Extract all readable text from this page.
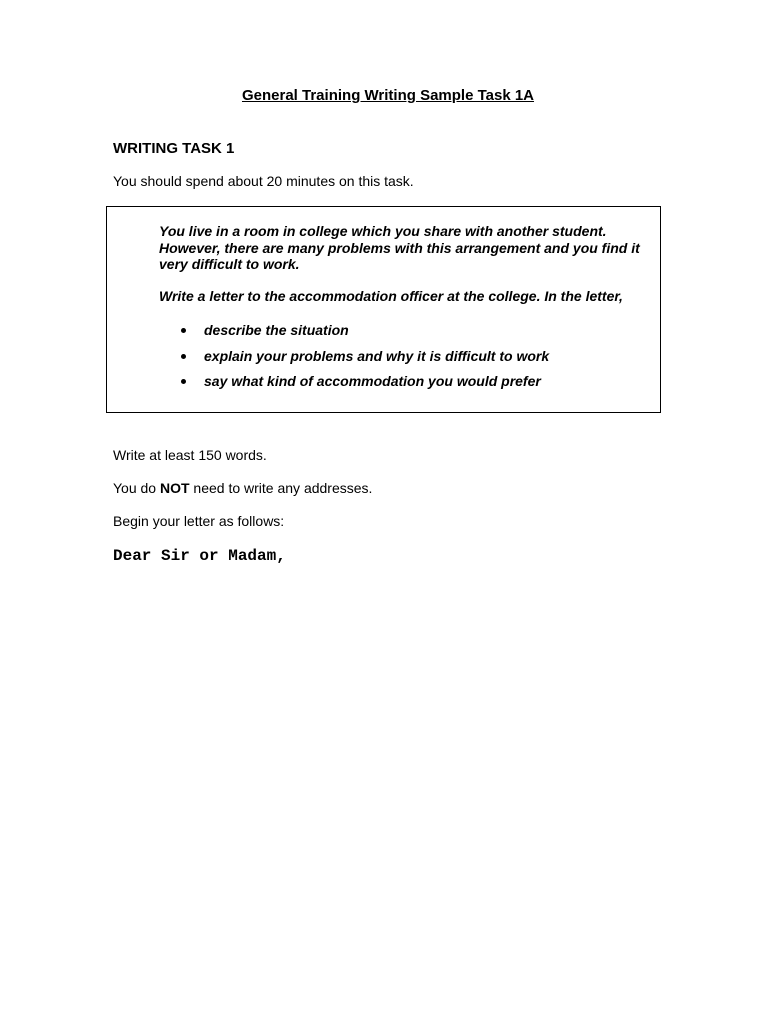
General Training Writing Sample Task 1A
WRITING TASK 1
You should spend about 20 minutes on this task.
You live in a room in college which you share with another student. However, there are many problems with this arrangement and you find it very difficult to work.
Write a letter to the accommodation officer at the college. In the letter,
describe the situation
explain your problems and why it is difficult to work
say what kind of accommodation you would prefer
Write at least 150 words.
You do NOT need to write any addresses.
Begin your letter as follows:
Dear Sir or Madam,
